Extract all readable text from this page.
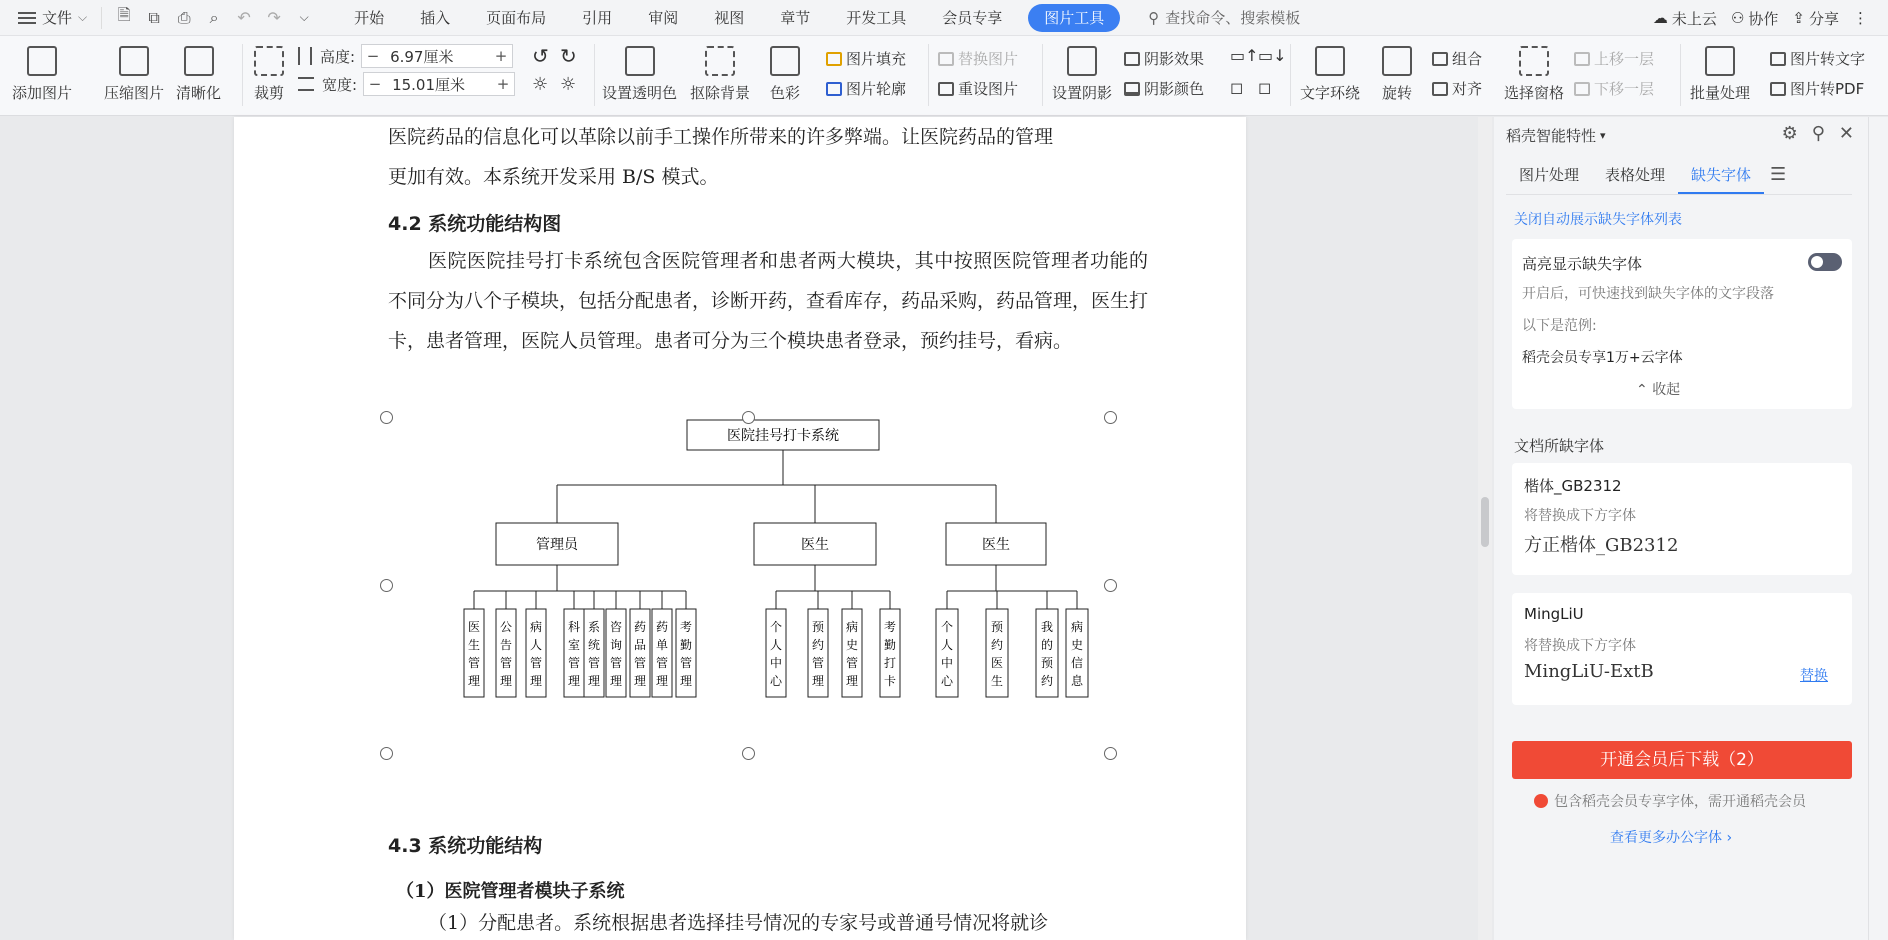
文件 ⌵	🗎	⧉	⎙	⌕	↶	↷	⌵	开始	插入	页面布局	引用	审阅	视图	章节	开发工具	会员专享	图片工具	⚲ 查找命令、搜索模板	☁ 未上云 ⚇ 协作 ⇪ 分享 ⋮
添加图片 压缩图片 清晰化 裁剪
高度: − 6.97厘米	+
宽度: − 15.01厘米	+
↺ ↻
☼ ☼ 设置透明色 抠除背景 色彩
图片填充
图片轮廓
替换图片
重设图片 设置阴影
阴影效果
阴影颜色
▭↑ ▭↓
◻ ◻ 文字环绕 旋转
组合
对齐 选择窗格
上移一层
下移一层 批量处理
图片转文字
图片转PDF
医院药品的信息化可以革除以前手工操作所带来的许多弊端。让医院药品的管理
更加有效。本系统开发采用 B/S 模式。
4.2 系统功能结构图
医院医院挂号打卡系统包含医院管理者和患者两大模块，其中按照医院管理者功能的不同分为八个子模块，包括分配患者，诊断开药，查看库存，药品采购，药品管理，医生打卡，患者管理，医院人员管理。患者可分为三个模块患者登录，预约挂号，看病。
4.3 系统功能结构
（1）医院管理者模块子系统
（1）分配患者。系统根据患者选择挂号情况的专家号或普通号情况将就诊
医院挂号打卡系统
管理员
医
生
管
理
公
告
管
理
病
人
管
理
科
室
管
理
系
统
管
理
咨
询
管
理
药
品
管
理
药
单
管
理
考
勤
管
理
医生
个
人
中
心
预
约
管
理
病
史
管
理
考
勤
打
卡
医生
个
人
中
心
预
约
医
生
我
的
预
约
病
史
信
息
稻壳智能特性 ▾	⚙ ⚲ ✕
图片处理	表格处理	缺失字体	☰
关闭自动展示缺失字体列表
高亮显示缺失字体
开启后，可快速找到缺失字体的文字段落
以下是范例:
稻壳会员专享1万+云字体
⌃ 收起
文档所缺字体
楷体_GB2312
将替换成下方字体
方正楷体_GB2312
MingLiU
将替换成下方字体
MingLiU-ExtB	替换
开通会员后下载（2）
包含稻壳会员专享字体，需开通稻壳会员
查看更多办公字体 ›
